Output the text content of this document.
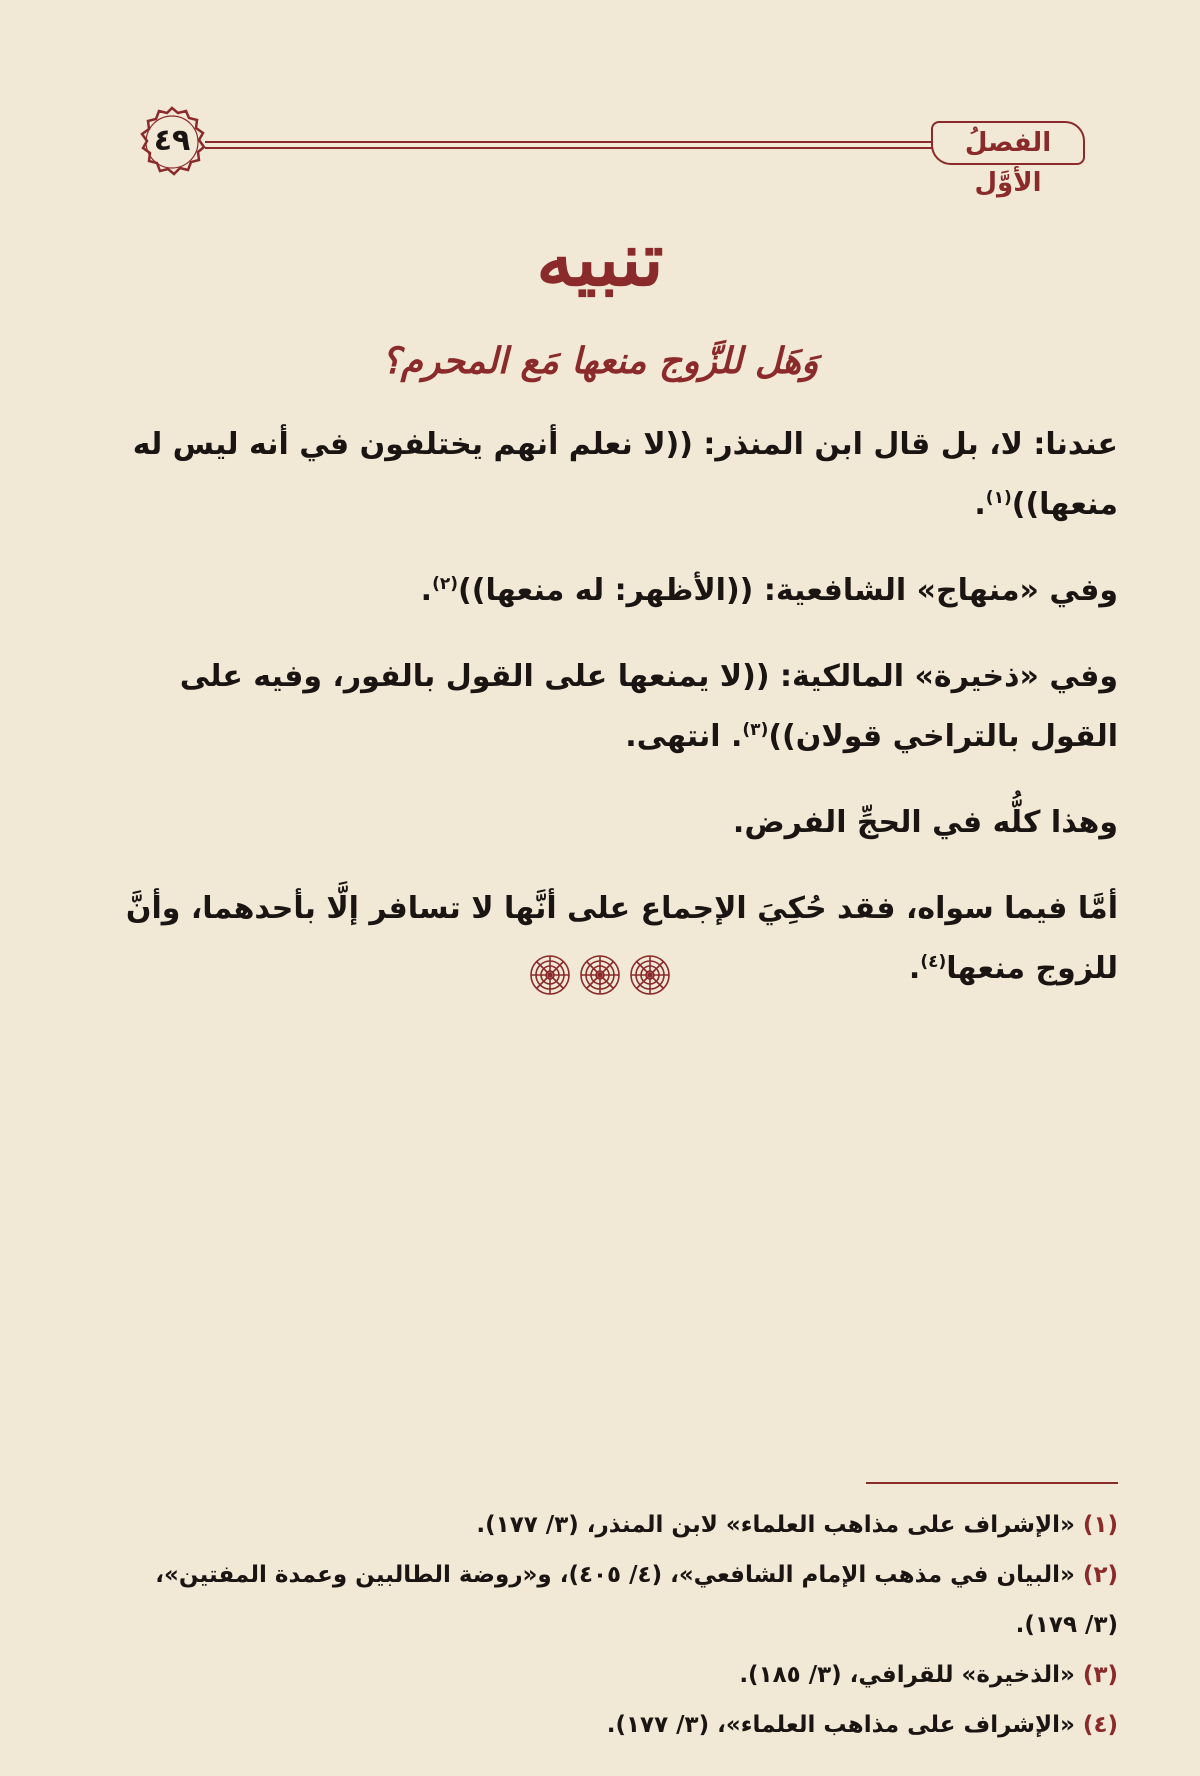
٤٩	الفصلُ الأوَّل
تنبيه
وَهَل للزَّوج منعها مَع المحرم؟

عندنا: لا، بل قال ابن المنذر: ((لا نعلم أنهم يختلفون في أنه ليس له منعها))$^{(١)}$.

وفي «منهاج» الشافعية: ((الأظهر: له منعها))$^{(٢)}$.

وفي «ذخيرة» المالكية: ((لا يمنعها على القول بالفور، وفيه على القول بالتراخي قولان))$^{(٣)}$. انتهى.

وهذا كلُّه في الحجِّ الفرض.

أمَّا فيما سواه، فقد حُكِيَ الإجماع على أنَّها لا تسافر إلَّا بأحدهما، وأنَّ للزوج منعها$^{(٤)}$.

(١) «الإشراف على مذاهب العلماء» لابن المنذر، (٣/ ١٧٧).

(٢) «البيان في مذهب الإمام الشافعي»، (٤/ ٤٠٥)، و«روضة الطالبين وعمدة المفتين»، (٣/ ١٧٩).

(٣) «الذخيرة» للقرافي، (٣/ ١٨٥).

(٤) «الإشراف على مذاهب العلماء»، (٣/ ١٧٧).
